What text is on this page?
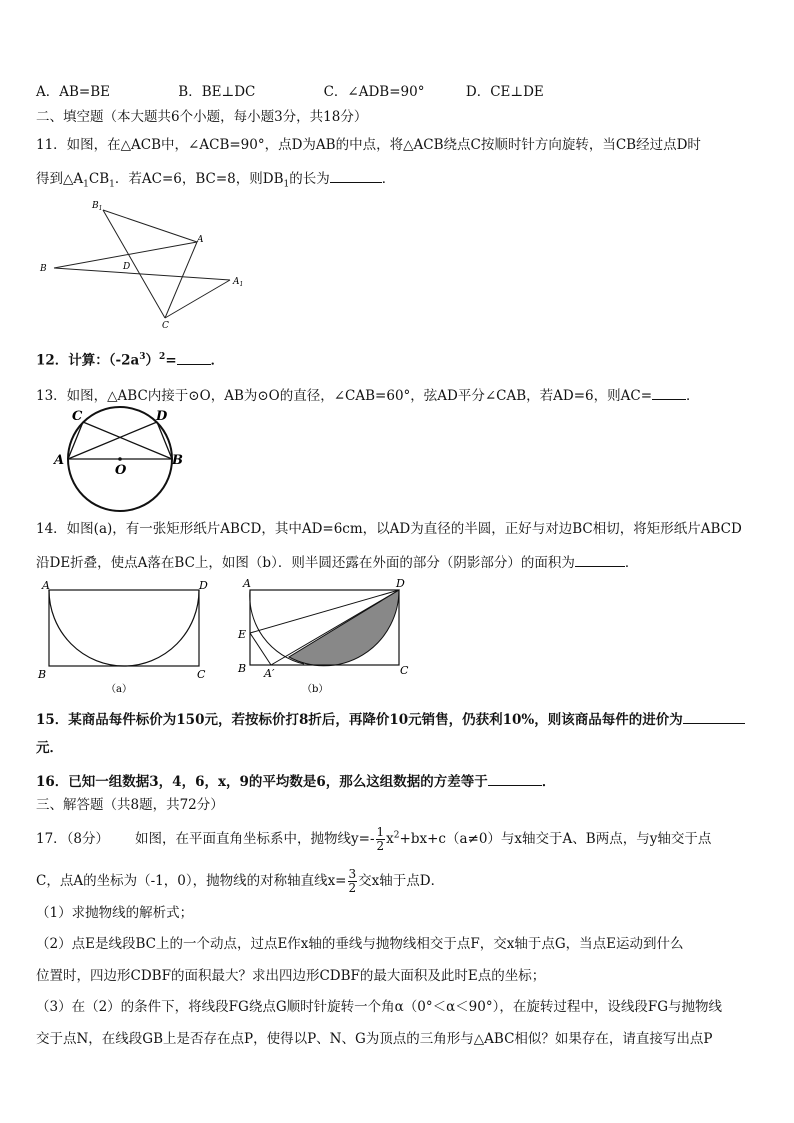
A．AB=BE	B．BE⊥DC	C．∠ADB=90°	D．CE⊥DE
二、填空题（本大题共6个小题，每小题3分，共18分）
11．如图，在△ACB中，∠ACB=90°，点D为AB的中点，将△ACB绕点C按顺时针方向旋转，当CB经过点D时
得到$\triangle A_1CB_1$．若AC=6，BC=8，则$DB_1$的长为	．
$B_1$
A
B	D
$A_1$
C
12．计算：$(-2a^3)^2=$	．
13．如图，△ABC内接于⊙O，AB为⊙O的直径，∠CAB=60°，弦AD平分∠CAB，若AD=6，则AC=	．
C	D
A
O
B
14．如图(a)，有一张矩形纸片ABCD，其中AD=6cm，以AD为直径的半圆，正好与对边BC相切，将矩形纸片ABCD
沿DE折叠，使点A落在BC上，如图（b）．则半圆还露在外面的部分（阴影部分）的面积为	．
A	D
B	C
（a）
A	D
E
B A′	C
（b）
15．某商品每件标价为150元，若按标价打8折后，再降价10元销售，仍获利10%，则该商品每件的进价为
元．
16．已知一组数据3，4，6，x，9的平均数是6，那么这组数据的方差等于	．
三、解答题（共8题，共72分）
17．（8分） 如图，在平面直角坐标系中，抛物线$y=- \frac{1}{2} x^2+bx+c(a\ne 0)$与x轴交于A、B两点，与y轴交于点
C，点A的坐标为（-1，0），抛物线的对称轴直线$x= \frac{3}{2}$ 交x轴于点D．
（1）求抛物线的解析式；
（2）点E是线段BC上的一个动点，过点E作x轴的垂线与抛物线相交于点F，交x轴于点G，当点E运动到什么
位置时，四边形CDBF的面积最大？求出四边形CDBF的最大面积及此时E点的坐标；
（3）在（2）的条件下，将线段FG绕点G顺时针旋转一个角α（0°＜α＜90°），在旋转过程中，设线段FG与抛物线
交于点N，在线段GB上是否存在点P，使得以P、N、G为顶点的三角形与△ABC相似？如果存在，请直接写出点P
